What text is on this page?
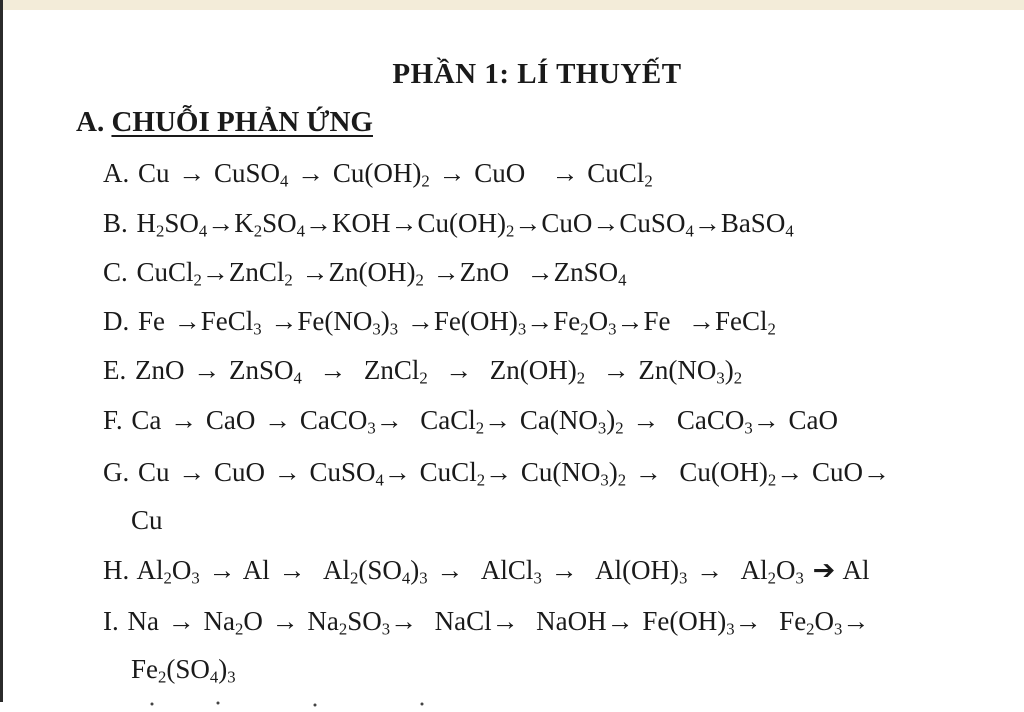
PHẦN 1: LÍ THUYẾT
A. CHUỖI PHẢN ỨNG
A. Cu → CuSO$_4$ → $Cu(OH)_2$ → CuO   → CuCl$_2$
B. $H_2SO_4\to K_2SO_4\to KOH\to Cu(OH)_2\to CuO\to CuSO_4\to BaSO_4$
C. CuCl$_2$→ZnCl$_2$ $\to Zn(OH)_2 \to ZnO$  →ZnSO$_4$
D. Fe →FeCl$_3$ $\to Fe(NO_3)_3 \to Fe(OH)_3\to Fe_2O_3\to Fe$  →FeCl$_2$
E. ZnO → ZnSO$_4$  →  ZnCl$_2$  →  $Zn(OH)_2 \to Zn(NO_3)_2$
F. Ca → CaO → CaCO$_3$→  CaCl$_2$→ $Ca(NO_3)_2$ →  CaCO$_3$→ CaO
G. Cu → CuO → CuSO$_4$→ CuCl$_2$→ $Cu(NO_3)_2 \to Cu(OH)_2\to CuO\to$
Cu
H. $Al_2O_3 \to Al \to Al_2(SO_4)_3$ →  AlCl$_3$ →  $Al(OH)_3 \to Al_2O_3$ ➔ Al
I. $Na \to Na_2O \to Na_2SO_3\to$  NaCl→  NaOH→ $Fe(OH)_3\to Fe_2O_3\to$
$Fe_2(SO_4)_3$
